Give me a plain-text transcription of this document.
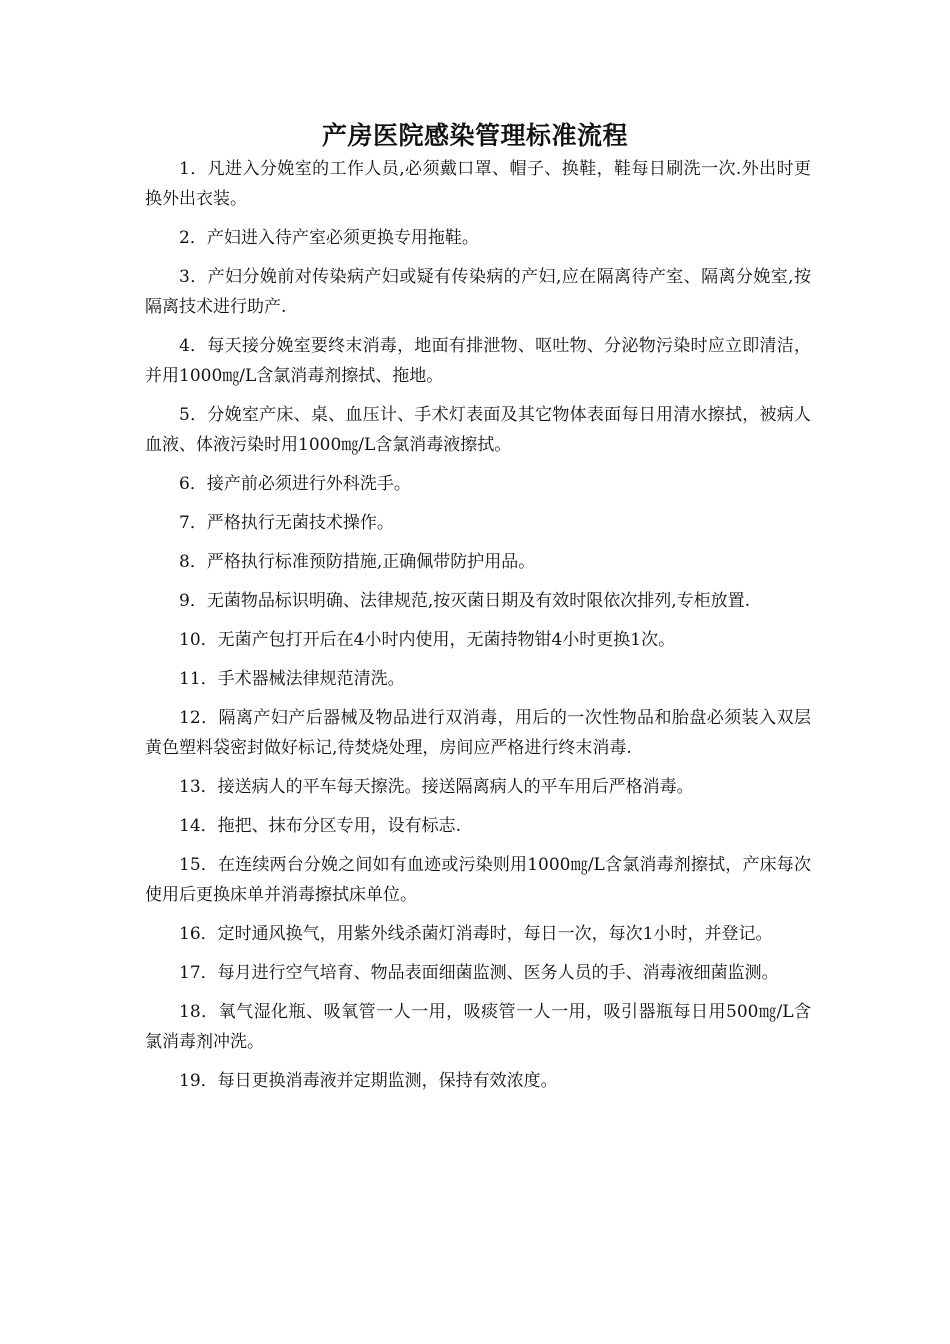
产房医院感染管理标准流程

1．凡进入分娩室的工作人员,必须戴口罩、帽子、换鞋，鞋每日刷洗一次.外出时更换外出衣装。

2．产妇进入待产室必须更换专用拖鞋。

3．产妇分娩前对传染病产妇或疑有传染病的产妇,应在隔离待产室、隔离分娩室,按隔离技术进行助产.

4．每天接分娩室要终末消毒，地面有排泄物、呕吐物、分泌物污染时应立即清洁，并用1000㎎/L含氯消毒剂擦拭、拖地。

5．分娩室产床、桌、血压计、手术灯表面及其它物体表面每日用清水擦拭，被病人血液、体液污染时用1000㎎/L含氯消毒液擦拭。

6．接产前必须进行外科洗手。

7．严格执行无菌技术操作。

8．严格执行标准预防措施,正确佩带防护用品。

9．无菌物品标识明确、法律规范,按灭菌日期及有效时限依次排列,专柜放置.

10．无菌产包打开后在4小时内使用，无菌持物钳4小时更换1次。

11．手术器械法律规范清洗。

12．隔离产妇产后器械及物品进行双消毒，用后的一次性物品和胎盘必须装入双层黄色塑料袋密封做好标记,待焚烧处理，房间应严格进行终末消毒.

13．接送病人的平车每天擦洗。接送隔离病人的平车用后严格消毒。

14．拖把、抹布分区专用，设有标志.

15．在连续两台分娩之间如有血迹或污染则用1000㎎/L含氯消毒剂擦拭，产床每次使用后更换床单并消毒擦拭床单位。

16．定时通风换气，用紫外线杀菌灯消毒时，每日一次，每次1小时，并登记。

17．每月进行空气培育、物品表面细菌监测、医务人员的手、消毒液细菌监测。

18．氧气湿化瓶、吸氧管一人一用，吸痰管一人一用，吸引器瓶每日用500㎎/L含氯消毒剂冲洗。

19．每日更换消毒液并定期监测，保持有效浓度。
